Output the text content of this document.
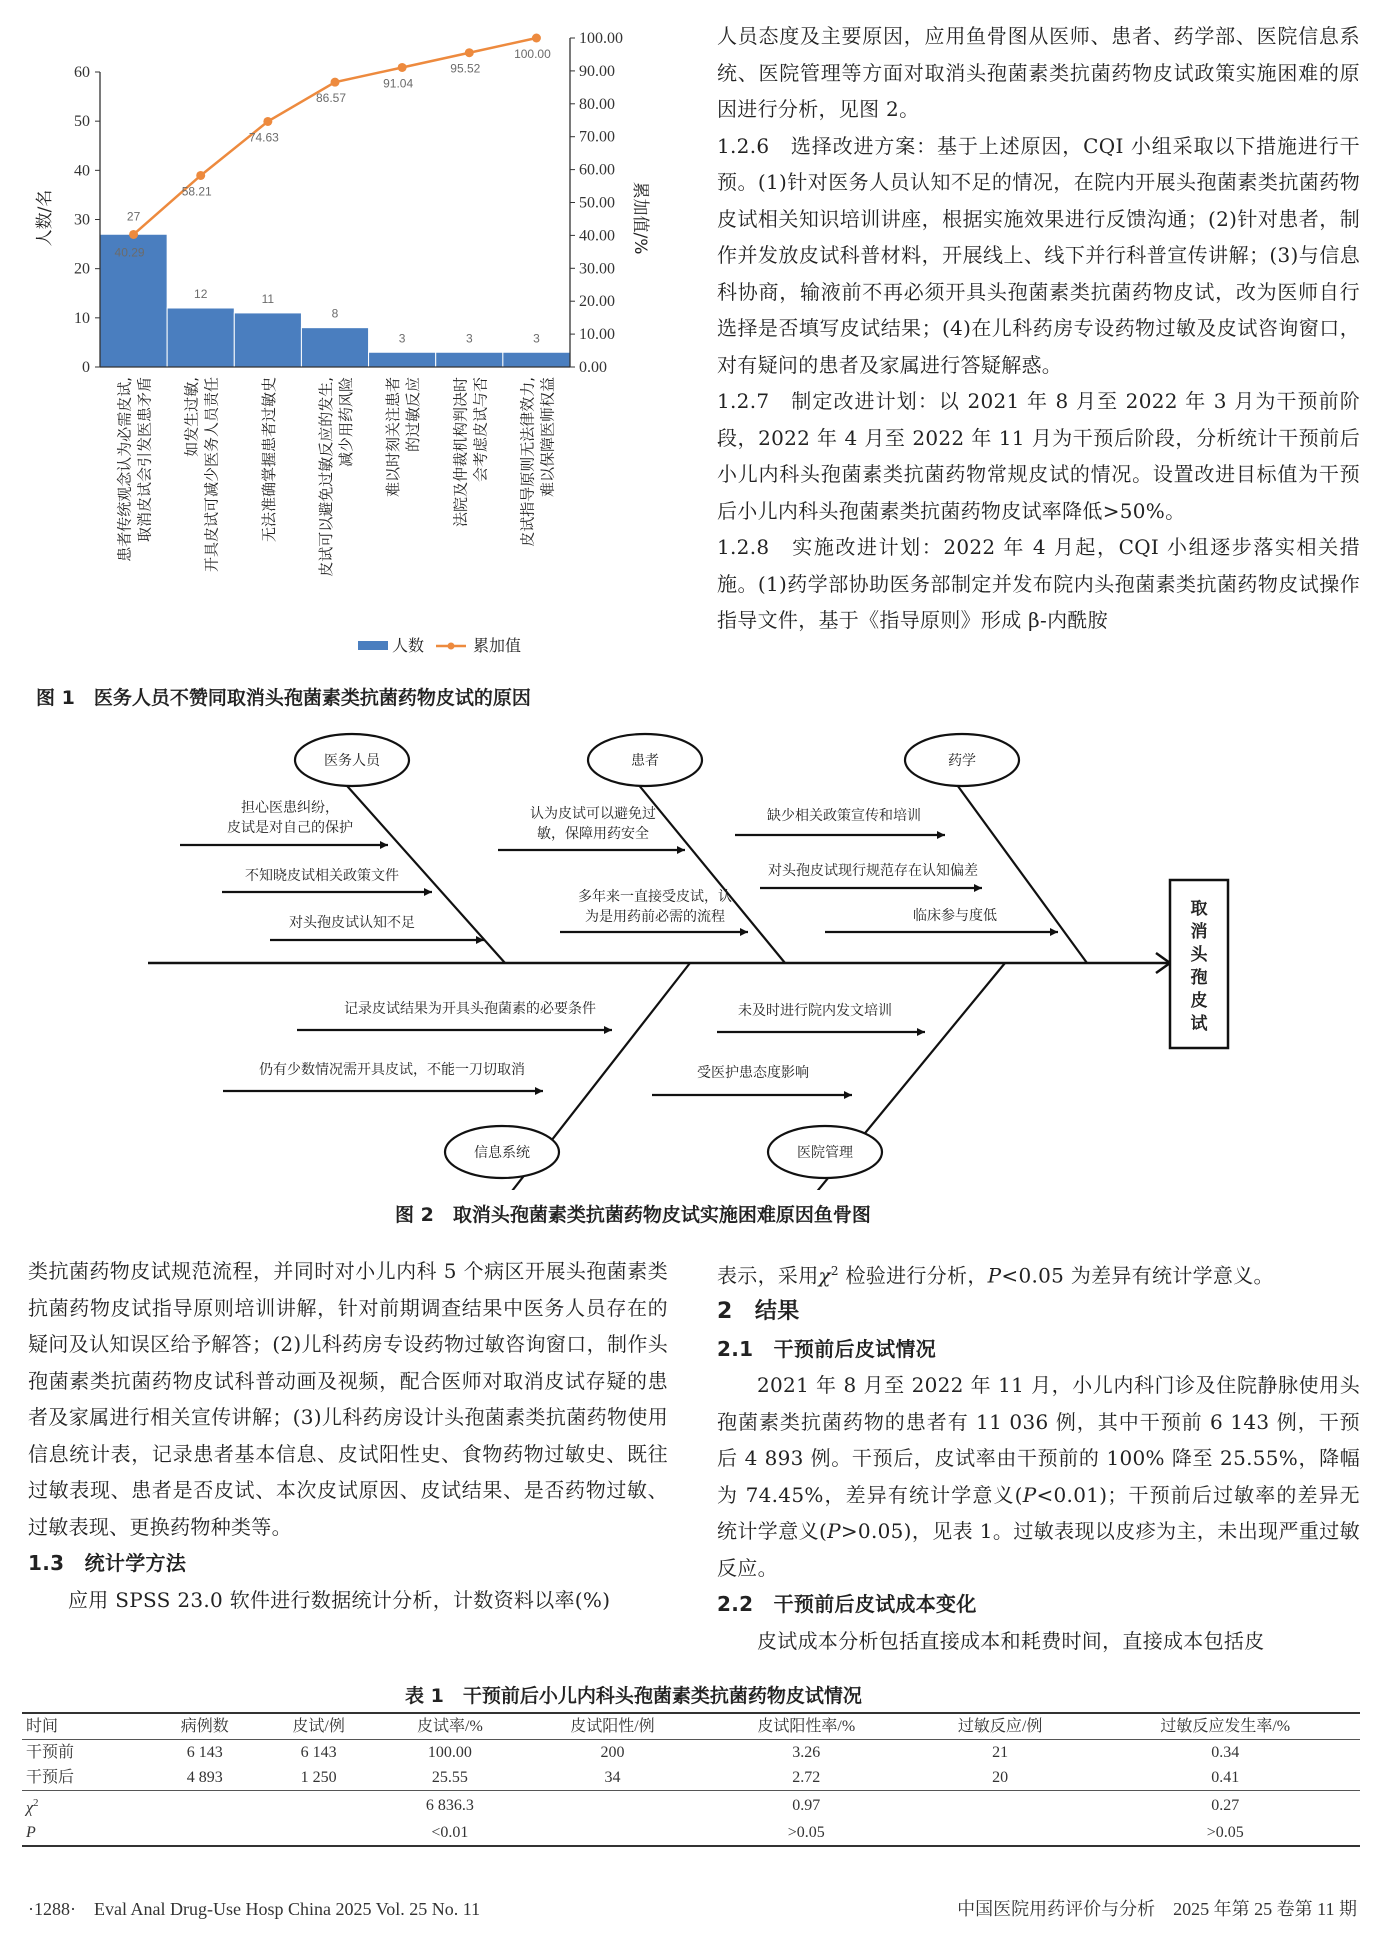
12	11
8
3	3	3
27
0
10
20
30
40
50
60
0.00
10.00
20.00
30.00
40.00
50.00
60.00
70.00
80.00
90.00
100.00
40.29
58.21
74.63
86.57
91.04
95.52
100.00
患者传统观念认为必需皮试, 取消皮试会引发医患矛盾 如发生过敏, 开具皮试可减少医务人员责任	无法准确掌握患者过敏史	皮试可以避免过敏反应的发生, 减少用药风险 难以时刻关注患者 的过敏反应 法院及仲裁机构判决时 会考虑皮试与否 皮试指导原则无法律效力, 难以保障医师权益
人数/名	累加值/%
人数	累加值
图 1　医务人员不赞同取消头孢菌素类抗菌药物皮试的原因

人员态度及主要原因，应用鱼骨图从医师、患者、药学部、医院信息系统、医院管理等方面对取消头孢菌素类抗菌药物皮试政策实施困难的原因进行分析，见图 2。

1.2.6　 选择改进方案：基于上述原因，CQI 小组采取以下措施进行干预。(1)针对医务人员认知不足的情况，在院内开展头孢菌素类抗菌药物皮试相关知识培训讲座，根据实施效果进行反馈沟通；(2)针对患者，制作并发放皮试科普材料，开展线上、线下并行科普宣传讲解；(3)与信息科协商，输液前不再必须开具头孢菌素类抗菌药物皮试，改为医师自行选择是否填写皮试结果；(4)在儿科药房专设药物过敏及皮试咨询窗口，对有疑问的患者及家属进行答疑解惑。

1.2.7　 制定改进计划：以 2021 年 8 月至 2022 年 3 月为干预前阶段，2022 年 4 月至 2022 年 11 月为干预后阶段，分析统计干预前后小儿内科头孢菌素类抗菌药物常规皮试的情况。设置改进目标值为干预后小儿内科头孢菌素类抗菌药物皮试率降低>50%。

1.2.8　 实施改进计划：2022 年 4 月起，CQI 小组逐步落实相关措施。(1)药学部协助医务部制定并发布院内头孢菌素类抗菌药物皮试操作指导文件，基于《指导原则》形成 β-内酰胺

取
消
头
孢
皮
试
医务人员	患者	药学
信息系统	医院管理
担心医患纠纷，
皮试是对自己的保护
不知晓皮试相关政策文件
对头孢皮试认知不足
认为皮试可以避免过
敏，保障用药安全
多年来一直接受皮试，认
为是用药前必需的流程
缺少相关政策宣传和培训
对头孢皮试现行规范存在认知偏差
临床参与度低
记录皮试结果为开具头孢菌素的必要条件
仍有少数情况需开具皮试，不能一刀切取消
未及时进行院内发文培训
受医护患态度影响
图 2　取消头孢菌素类抗菌药物皮试实施困难原因鱼骨图

类抗菌药物皮试规范流程，并同时对小儿内科 5 个病区开展头孢菌素类抗菌药物皮试指导原则培训讲解，针对前期调查结果中医务人员存在的疑问及认知误区给予解答；(2)儿科药房专设药物过敏咨询窗口，制作头孢菌素类抗菌药物皮试科普动画及视频，配合医师对取消皮试存疑的患者及家属进行相关宣传讲解；(3)儿科药房设计头孢菌素类抗菌药物使用信息统计表，记录患者基本信息、皮试阳性史、食物药物过敏史、既往过敏表现、患者是否皮试、本次皮试原因、皮试结果、是否药物过敏、过敏表现、更换药物种类等。

1.3　统计学方法

应用 SPSS 23.0 软件进行数据统计分析，计数资料以率(%)

表示，采用$\chi^2$ 检验进行分析，P<0.05 为差异有统计学意义。

2　结果

2.1　干预前后皮试情况

2021 年 8 月至 2022 年 11 月，小儿内科门诊及住院静脉使用头孢菌素类抗菌药物的患者有 11 036 例，其中干预前 6 143 例，干预后 4 893 例。干预后，皮试率由干预前的 100% 降至 25.55%，降幅为 74.45%，差异有统计学意义(P<0.01)；干预前后过敏率的差异无统计学意义(P>0.05)，见表 1。过敏表现以皮疹为主，未出现严重过敏反应。

2.2　干预前后皮试成本变化

皮试成本分析包括直接成本和耗费时间，直接成本包括皮

表 1　干预前后小儿内科头孢菌素类抗菌药物皮试情况
时间	病例数	皮试/例	皮试率/%	皮试阳性/例	皮试阳性率/%	过敏反应/例	过敏反应发生率/%
干预前	6 143	6 143	100.00	200	3.26	21	0.34
干预后	4 893	1 250	25.55	34	2.72	20	0.41
$\chi^2$			6 836.3		0.97		0.27
P			<0.01		>0.05		>0.05
·1288·　Eval Anal Drug-Use Hosp China 2025 Vol. 25 No. 11	中国医院用药评价与分析　2025 年第 25 卷第 11 期
